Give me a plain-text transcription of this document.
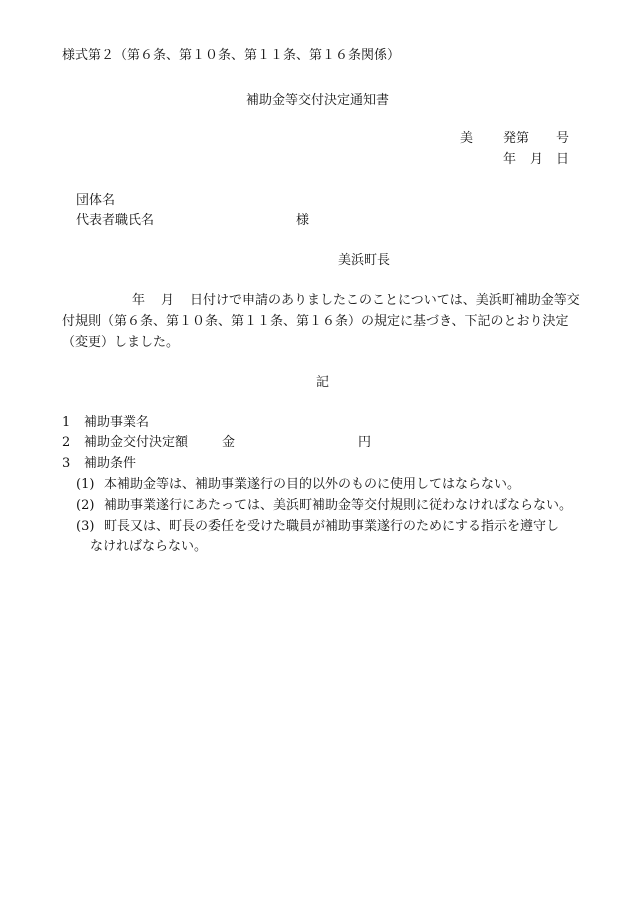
様式第２（第６条、第１０条、第１１条、第１６条関係）
補助金等交付決定通知書
美 発第 号
年 月 日
団体名
代表者職氏名	様
美浜町長
年 月 日付けで申請のありましたこのことについては、美浜町補助金等交付規則（第６条、第１０条、第１１条、第１６条）の規定に基づき、下記のとおり決定（変更）しました。
記
1 補助事業名
2 補助金交付決定額	金	円
3 補助条件
(1) 本補助金等は、補助事業遂行の目的以外のものに使用してはならない。
(2) 補助事業遂行にあたっては、美浜町補助金等交付規則に従わなければならない。
(3) 町長又は、町長の委任を受けた職員が補助事業遂行のためにする指示を遵守し
なければならない。
